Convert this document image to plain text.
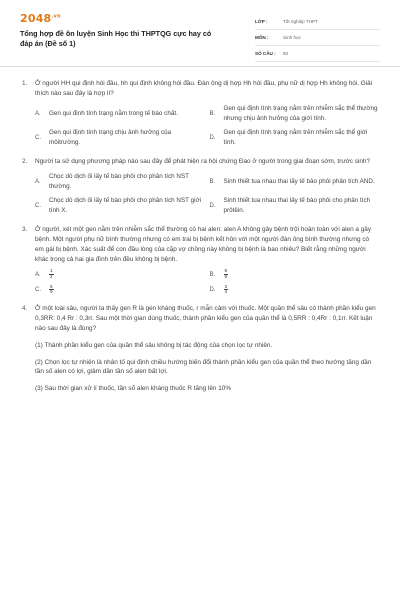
$2048^{.vn}$
Tổng hợp đề ôn luyện Sinh Học thi THPTQG cực hay có đáp án (Đề số 1)
LỚP :	Tốt nghiệp THPT
MÔN :	Sinh học
SỐ CÂU :	50
1.	Ở người HH qui định hói đầu, hh qui định không hói đầu. Đàn ông dị hợp Hh hói đầu, phụ nữ dị hợp Hh không hói. Giải thích nào sau đây là hợp lí?
A.	Gen qui định tính trạng nằm trong tế bào chất.	B.
Gen qui định tính trạng nằm trên nhiễm sắc thể thường nhưng chịu ảnh hưởng của giới tính.
C.
Gen qui định tính trạng chịu ảnh hưởng của môitrường.
D.
Gen qui định tính trạng nằm trên nhiễm sắc thể giới tính.
2.	Người ta sử dụng phương pháp nào sau đây để phát hiện ra hội chứng Đao ở người trong giai đoạn sớm, trước sinh?
A.
Chọc dò dịch ối lấy tế bào phôi cho phân tích NST thường.
B.	Sinh thiết tua nhau thai lấy tế bào phôi phân tích AND.
C.
Chọc dò dịch ối lấy tế bào phôi cho phân tích NST giới tính X.
D.
Sinh thiết tua nhau thai lấy tế bào phôi cho phân tích prôtêin.
3.	Ở người, xét một gen nằm trên nhiễm sắc thể thường có hai alen: alen A không gây bệnh trội hoàn toàn với alen a gây bệnh. Một người phụ nữ bình thường nhưng có em trai bị bệnh kết hôn với một người đàn ông bình thường nhưng có em gái bị bệnh. Xác suất để con đầu lòng của cặp vợ chồng này không bị bệnh là bao nhiêu? Biết rằng những người khác trong cả hai gia đình trên đều không bị bệnh.
A.	$\frac{1}{2}$	B.	$\frac{8}{9}$
C.	$\frac{5}{9}$	D.	$\frac{3}{4}$
4.	Ở một loài sâu, người ta thấy gen R là gen kháng thuốc, r mẫn cảm với thuốc. Một quần thể sâu có thành phần kiểu gen 0,3RR: 0,4 Rr : 0,3rr. Sau một thời gian dùng thuốc, thành phần kiểu gen của quần thể là 0,5RR : 0,4Rr : 0,1rr. Kết luận nào sau đây là đúng?
(1) Thành phần kiểu gen của quần thể sâu không bị tác động của chọn lọc tự nhiên.
(2) Chọn lọc tự nhiên là nhân tố qui định chiều hướng biến đổi thành phần kiểu gen của quần thể theo hướng tăng dần tần số alen có lợi, giảm dần tần số alen bất lợi.
(3) Sau thời gian xử lí thuốc, tần số alen kháng thuốc R tăng lên 10%
